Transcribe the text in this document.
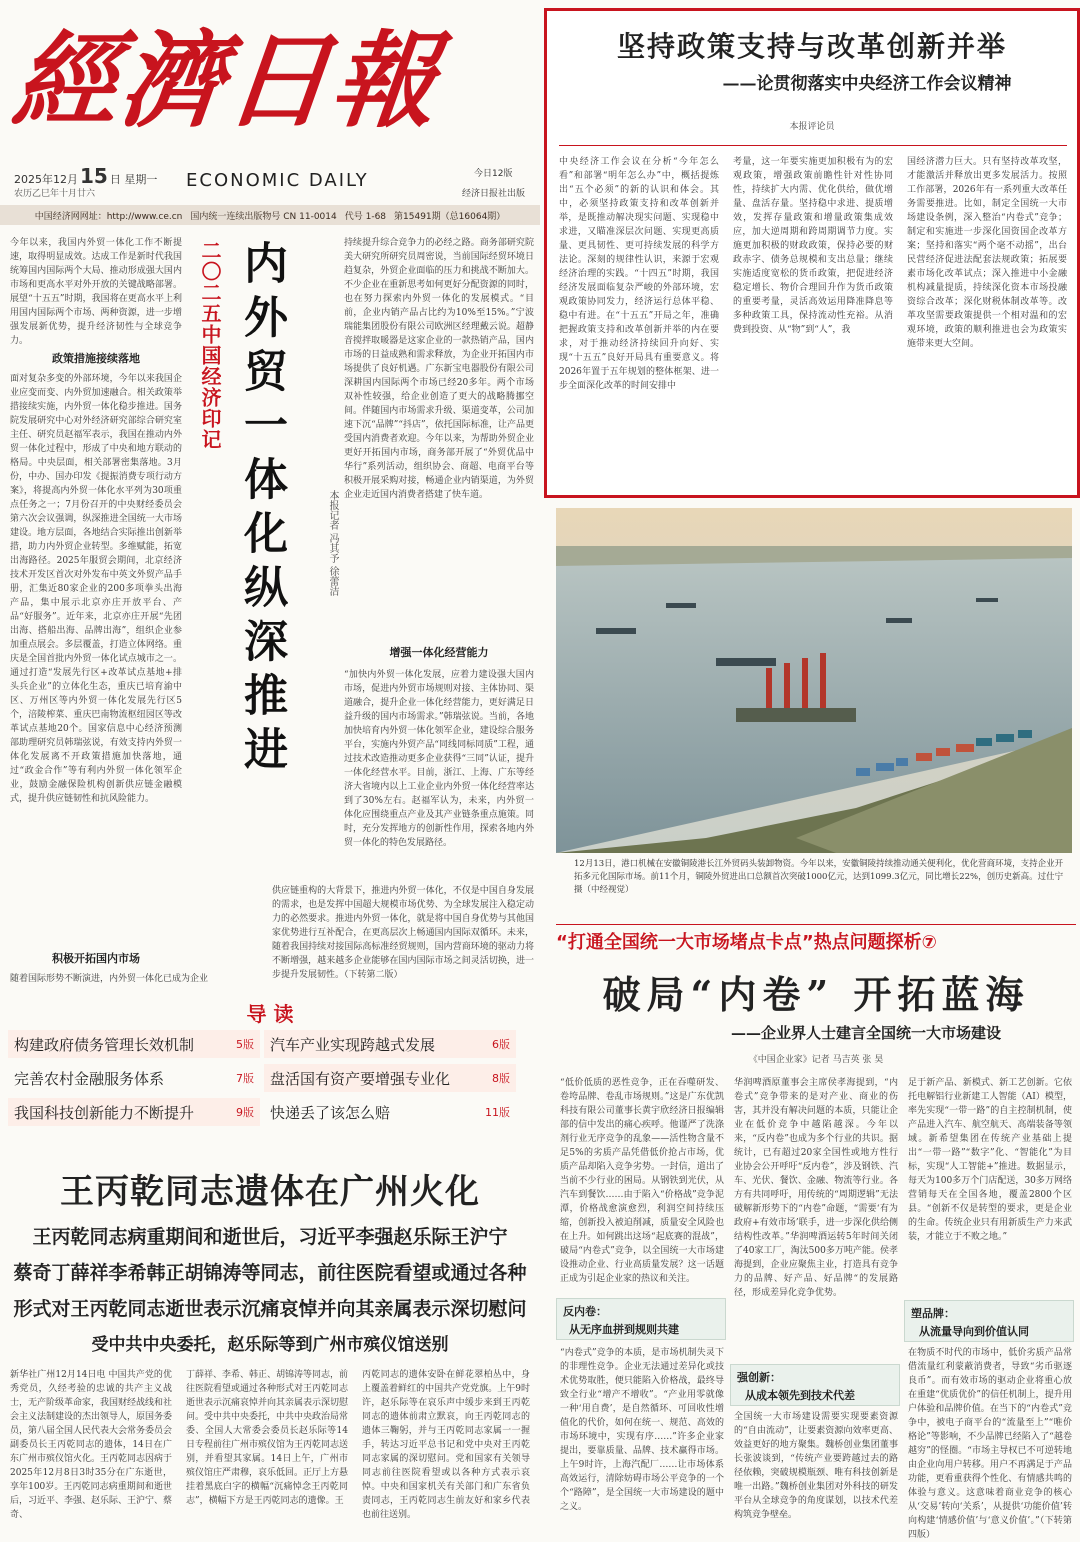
經濟日報
2025年12月 15 日 星期一
农历乙巳年十月廿六
ECONOMIC DAILY	今日12版
经济日报社出版
中国经济网网址：http://www.ce.cn 国内统一连续出版物号 CN 11-0014 代号 1-68 第15491期（总16064期）
坚持政策支持与改革创新并举
——论贯彻落实中央经济工作会议精神
本报评论员
中央经济工作会议在分析“今年怎么看”和部署“明年怎么办”中，概括提炼出“五个必须”的新的认识和体会。其中，必须坚持政策支持和改革创新并举，是既推动解决现实问题、实现稳中求进，又瞄准深层次问题、实现更高质量、更具韧性、更可持续发展的科学方法论。深刻的规律性认识，来源于宏观经济治理的实践。“十四五”时期，我国经济发展面临复杂严峻的外部环境，宏观政策协同发力，经济运行总体平稳、稳中有进。在“十五五”开局之年，准确把握政策支持和改革创新并举的内在要求，对于推动经济持续回升向好、实现“十五五”良好开局具有重要意义。将2026年置于五年规划的整体框架、进一步全面深化改革的时间安排中
考量，这一年要实施更加积极有为的宏观政策，增强政策前瞻性针对性协同性，持续扩大内需、优化供给，做优增量、盘活存量。坚持稳中求进、提质增效，发挥存量政策和增量政策集成效应，加大逆周期和跨周期调节力度。实施更加积极的财政政策，保持必要的财政赤字、债务总规模和支出总量；继续实施适度宽松的货币政策，把促进经济稳定增长、物价合理回升作为货币政策的重要考量，灵活高效运用降准降息等多种政策工具，保持流动性充裕。从消费到投资、从“物”到“人”，我
国经济潜力巨大。只有坚持改革攻坚，才能激活并释放出更多发展活力。按照工作部署，2026年有一系列重大改革任务需要推进。比如，制定全国统一大市场建设条例，深入整治“内卷式”竞争；制定和实施进一步深化国资国企改革方案；坚持和落实“两个毫不动摇”，出台民营经济促进法配套法规政策；拓展要素市场化改革试点；深入推进中小金融机构减量提质，持续深化资本市场投融资综合改革；深化财税体制改革等。改革攻坚需要政策提供一个相对温和的宏观环境，政策的顺利推进也会为政策实施带来更大空间。
二〇二五中国经济印记 内外贸一体化纵深推进	本报记者 冯其予 徐蕾洁
今年以来，我国内外贸一体化工作不断提速，取得明显成效。达成工作是新时代我国统筹国内国际两个大局、推动形成强大国内市场和更高水平对外开放的关键战略部署。展望“十五五”时期，我国将在更高水平上利用国内国际两个市场、两种资源，进一步增强发展新优势，提升经济韧性与全球竞争力。
政策措施接续落地
面对复杂多变的外部环境，今年以来我国企业应变而变、内外贸加速融合。相关政策举措接续实施，内外贸一体化稳步推进。国务院发展研究中心对外经济研究部综合研究室主任、研究员赵福军表示，我国在推动内外贸一体化过程中，形成了中央和地方联动的格局。中央层面，相关部署密集落地。3月份，中办、国办印发《提振消费专项行动方案》，将提高内外贸一体化水平列为30项重点任务之一；7月份召开的中央财经委员会第六次会议强调，纵深推进全国统一大市场建设。地方层面，各地结合实际推出创新举措，助力内外贸企业转型。多维赋能，拓宽出海路径。2025年服贸会期间，北京经济技术开发区首次对外发布中英文外贸产品手册，汇集近80家企业的200多项拳头出海产品，集中展示北京亦庄开放平台、产品“好服务”。近年来，北京亦庄开展“先团出海、搭船出海、品牌出海”，组织企业参加重点展会。多层覆盖，打造立体网络。重庆是全国首批内外贸一体化试点城市之一。通过打造“发展先行区+改革试点基地+排头兵企业”的立体化生态，重庆已培育渝中区、万州区等内外贸一体化发展先行区5个，涪陵榨菜、重庆巴南物流枢纽园区等改革试点基地20个。国家信息中心经济预测部助理研究员韩瑞弦说，有效支持内外贸一体化发展离不开政策措施加快落地，通过“政金合作”等有利内外贸一体化领军企业，鼓励金融保险机构创新供应链金融模式，提升供应链韧性和抗风险能力。
积极开拓国内市场
随着国际形势不断演进，内外贸一体化已成为企业
持续提升综合竞争力的必经之路。商务部研究院美大研究所研究员周密说，当前国际经贸环境日趋复杂，外贸企业面临的压力和挑战不断加大。不少企业在重新思考如何更好分配资源的同时，也在努力探索内外贸一体化的发展模式。“目前，企业内销产品占比约为10%至15%。”宁波瑞能集团股份有限公司欧洲区经理戴云说。超静音搅拌取暖器是这家企业的一款热销产品，国内市场的日益成熟和需求释放，为企业开拓国内市场提供了良好机遇。广东新宝电器股份有限公司深耕国内国际两个市场已经20多年。两个市场双补性较强，给企业创造了更大的战略腾挪空间。伴随国内市场需求升级、渠道变革，公司加速下沉“品牌”“抖店”，依托国际标准，让产品更受国内消费者欢迎。今年以来，为帮助外贸企业更好开拓国内市场，商务部开展了“外贸优品中华行”系列活动，组织协会、商超、电商平台等积极开展采购对接，畅通企业内销渠道，为外贸企业走近国内消费者搭建了快车道。
增强一体化经营能力
“加快内外贸一体化发展，应着力建设强大国内市场，促进内外贸市场规则对接、主体协同、渠道融合，提升企业一体化经营能力，更好满足日益升级的国内市场需求。”韩瑞弦说。当前，各地加快培育内外贸一体化领军企业，建设综合服务平台，实施内外贸产品“同线同标同质”工程，通过技术改造推动更多企业获得“三同”认证，提升一体化经营水平。目前，浙江、上海、广东等经济大省境内以上工业企业内外贸一体化经营率达到了30%左右。赵福军认为，未来，内外贸一体化应围绕重点产业及其产业链条重点施策。同时，充分发挥地方的创新性作用，探索各地内外贸一体化的特色发展路径。
供应链重构的大背景下，推进内外贸一体化，不仅是中国自身发展的需求，也是发挥中国超大规模市场优势、为全球发展注入稳定动力的必然要求。推进内外贸一体化，就是将中国自身优势与其他国家优势进行互补配合，在更高层次上畅通国内国际双循环。未来，随着我国持续对接国际高标准经贸规则，国内营商环境的驱动力将不断增强，越来越多企业能够在国内国际市场之间灵活切换，进一步提升发展韧性。（下转第二版）
导 读
构建政府债务管理长效机制	5版 汽车产业实现跨越式发展	6版
完善农村金融服务体系	7版 盘活国有资产要增强专业化	8版
我国科技创新能力不断提升	9版 快递丢了该怎么赔	11版
王丙乾同志遗体在广州火化
王丙乾同志病重期间和逝世后，习近平李强赵乐际王沪宁
蔡奇丁薛祥李希韩正胡锦涛等同志，前往医院看望或通过各种
形式对王丙乾同志逝世表示沉痛哀悼并向其亲属表示深切慰问
受中共中央委托，赵乐际等到广州市殡仪馆送别
新华社广州12月14日电 中国共产党的优秀党员，久经考验的忠诚的共产主义战士，无产阶级革命家，我国财经战线和社会主义法制建设的杰出领导人，原国务委员，第八届全国人民代表大会常务委员会副委员长王丙乾同志的遗体，14日在广东广州市殡仪馆火化。王丙乾同志因病于2025年12月8日3时35分在广东逝世，享年100岁。王丙乾同志病重期间和逝世后，习近平、李强、赵乐际、王沪宁、蔡奇、
丁薛祥、李希、韩正、胡锦涛等同志，前往医院看望或通过各种形式对王丙乾同志逝世表示沉痛哀悼并向其亲属表示深切慰问。受中共中央委托，中共中央政治局常委、全国人大常委会委员长赵乐际等14日专程前往广州市殡仪馆为王丙乾同志送别，并看望其家属。14日上午，广州市殡仪馆庄严肃穆，哀乐低回。正厅上方悬挂着黑底白字的横幅“沉痛悼念王丙乾同志”，横幅下方是王丙乾同志的遗像。王
丙乾同志的遗体安卧在鲜花翠柏丛中，身上覆盖着鲜红的中国共产党党旗。上午9时许，赵乐际等在哀乐声中缓步来到王丙乾同志的遗体前肃立默哀，向王丙乾同志的遗体三鞠躬，并与王丙乾同志家属一一握手，转达习近平总书记和党中央对王丙乾同志家属的深切慰问。党和国家有关领导同志前往医院看望或以各种方式表示哀悼。中央和国家机关有关部门和广东省负责同志，王丙乾同志生前友好和家乡代表也前往送别。
12月13日，港口机械在安徽铜陵港长江外贸码头装卸物资。今年以来，安徽铜陵持续推动通关便利化，优化营商环境，支持企业开拓多元化国际市场。前11个月，铜陵外贸进出口总额首次突破1000亿元，达到1099.3亿元，同比增长22%，创历史新高。过仕宁摄（中经视觉）
“打通全国统一大市场堵点卡点”热点问题探析⑦
破局“内卷” 开拓蓝海
——企业界人士建言全国统一大市场建设
《中国企业家》记者 马吉英 张 昊
“低价低质的恶性竞争，正在吞噬研发、卷垮品牌、卷乱市场规则。”这是广东优凯科技有限公司董事长黄宇欣经济日报编辑部的信中发出的痛心疾呼。他谨严了洗涤剂行业无序竞争的乱象——活性物含量不足5%的劣质产品凭借低价抢占市场，优质产品却陷入竞争劣势。一封信，道出了当前不少行业的困局。从钢铁到光伏，从汽车到餐饮……由于陷入“价格战”竞争泥潭，价格战愈演愈烈，利润空间持续压缩，创新投入被迫削减，质量安全风险也在上升。如何跳出这场“起底赛的混战”，破局“内卷式”竞争，以全国统一大市场建设推动企业、行业高质量发展？这一话题正成为引起企业家的热议和关注。
反内卷：
从无序血拼到规则共建
“内卷式”竞争的本质，是市场机制失灵下的非理性竞争。企业无法通过差异化或技术优势取胜，便只能陷入价格战，最终导致全行业“增产不增收”。“产业用零就像一种‘用自费’，是自然循环、可回收性增值化的代价，如何在统一、规范、高效的市场环境中，实现有序……”许多企业家提出，要靠质量、品牌、技术赢得市场。上午9时许，上海汽配厂……让市场体系高效运行，清除妨碍市场公平竞争的一个个“路障”，是全国统一大市场建设的题中之义。
华润啤酒原董事会主席侯孝海提到，“内卷式”竞争带来的是对产业、商业的伤害，其并没有解决问题的本质，只能让企业在低价竞争中越陷越深。今年以来，“反内卷”也成为多个行业的共识。据统计，已有超过20家全国性或地方性行业协会公开呼吁“反内卷”，涉及钢铁、汽车、光伏、餐饮、金融、物流等行业。各方有共同呼吁，用传统的“周期逻辑”无法破解新形势下的“内卷”命题，“需要‘有为政府+有效市场’联手，进一步深化供给侧结构性改革。”华润啤酒运转5年时间关闭了40家工厂，淘汰500多万吨产能。侯孝海提到，企业应聚焦主业，打造具有竞争力的品牌、好产品、好品牌“的发展路径，形成差异化竞争优势。
强创新：
从成本领先到技术代差
全国统一大市场建设需要实现要素资源的“自由流动”，让要素资源向效率更高、效益更好的地方聚集。魏桥创业集团董事长张波谈到，“传统产业要跨越过去的路径依赖，突破规模瓶颈、唯有科技创新是唯一出路。”魏桥创业集团对外科技的研发平台从全球竞争的角度谋划，以技术代差构筑竞争壁垒。
足于新产品、新模式、新工艺创新。它依托电解铝行业新建工人智能（AI）模型，率先实现“一带一路”的自主控制机制，使产品进入汽车、航空航天、高端装备等领域。新希望集团在传统产业基础上提出“一带一路”“数字”化、“智能化”为目标，实现“人工智能+”推进。数据显示，每天为100多万个门店配送，30多万网络营销每天在全国各地，覆盖2800个区县。“创新不仅是转型的要求，更是企业的生命。传统企业只有用新质生产力来武装，才能立于不败之地。”
塑品牌：
从流量导向到价值认同
在物质不时代的市场中，低价劣质产品常借流量红利蒙蔽消费者，导致“劣币驱逐良币”。而有效市场的驱动企业将重心放在重建“优质优价”的信任机制上，提升用户体验和品牌价值。在当下的“内卷式”竞争中，被电子商平台的“流量至上”“唯价格论”等影响，不少品牌已经陷入了“越卷越穷”的怪圈。“市场主导权已不可逆转地由企业向用户转移。用户不再满足于产品功能，更看重获得个性化、有情感共鸣的体验与意义。这意味着商业竞争的核心从‘交易’转向‘关系’，从提供‘功能价值’转向构建‘情感价值’与‘意义价值’。”（下转第四版）
